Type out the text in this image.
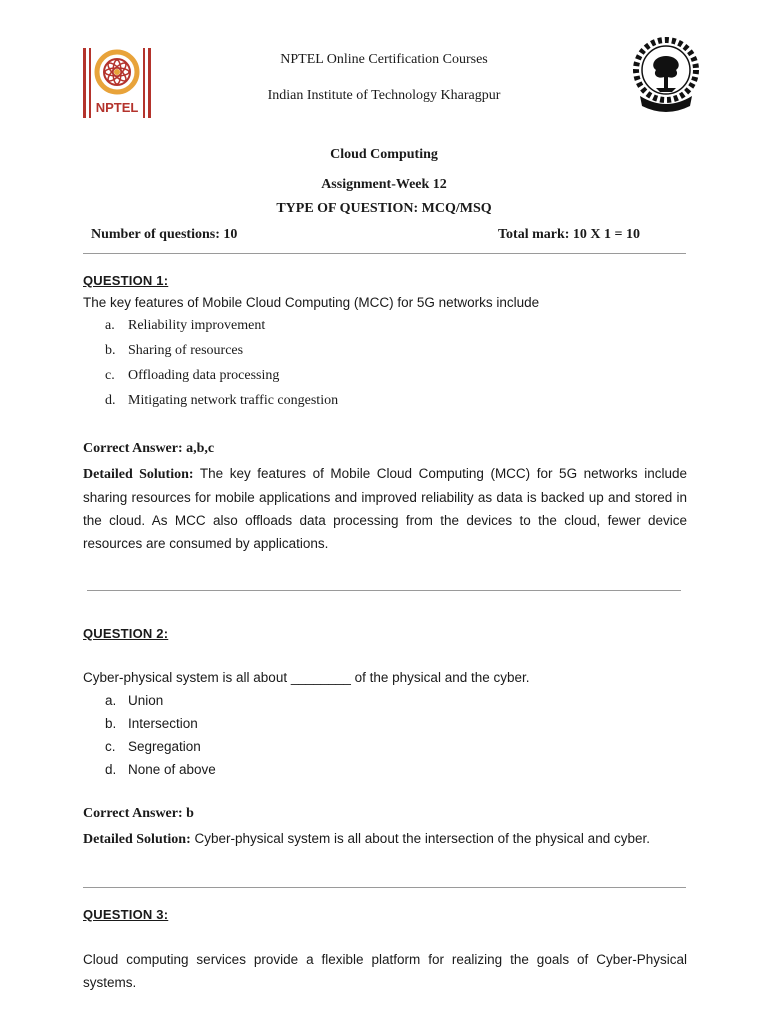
NPTEL
NPTEL Online Certification Courses
Indian Institute of Technology Kharagpur
Cloud Computing
Assignment-Week 12
TYPE OF QUESTION: MCQ/MSQ
Number of questions: 10	Total mark: 10 X 1 = 10
QUESTION 1:
The key features of Mobile Cloud Computing (MCC) for 5G networks include
a. Reliability improvement
b. Sharing of resources
c. Offloading data processing
d. Mitigating network traffic congestion
Correct Answer: a,b,c
Detailed Solution: The key features of Mobile Cloud Computing (MCC) for 5G networks include sharing resources for mobile applications and improved reliability as data is backed up and stored in the cloud. As MCC also offloads data processing from the devices to the cloud, fewer device resources are consumed by applications.
QUESTION 2:
Cyber-physical system is all about ________ of the physical and the cyber.
a. Union
b. Intersection
c. Segregation
d. None of above
Correct Answer: b
Detailed Solution: Cyber-physical system is all about the intersection of the physical and cyber.
QUESTION 3:
Cloud computing services provide a flexible platform for realizing the goals of Cyber-Physical systems.
